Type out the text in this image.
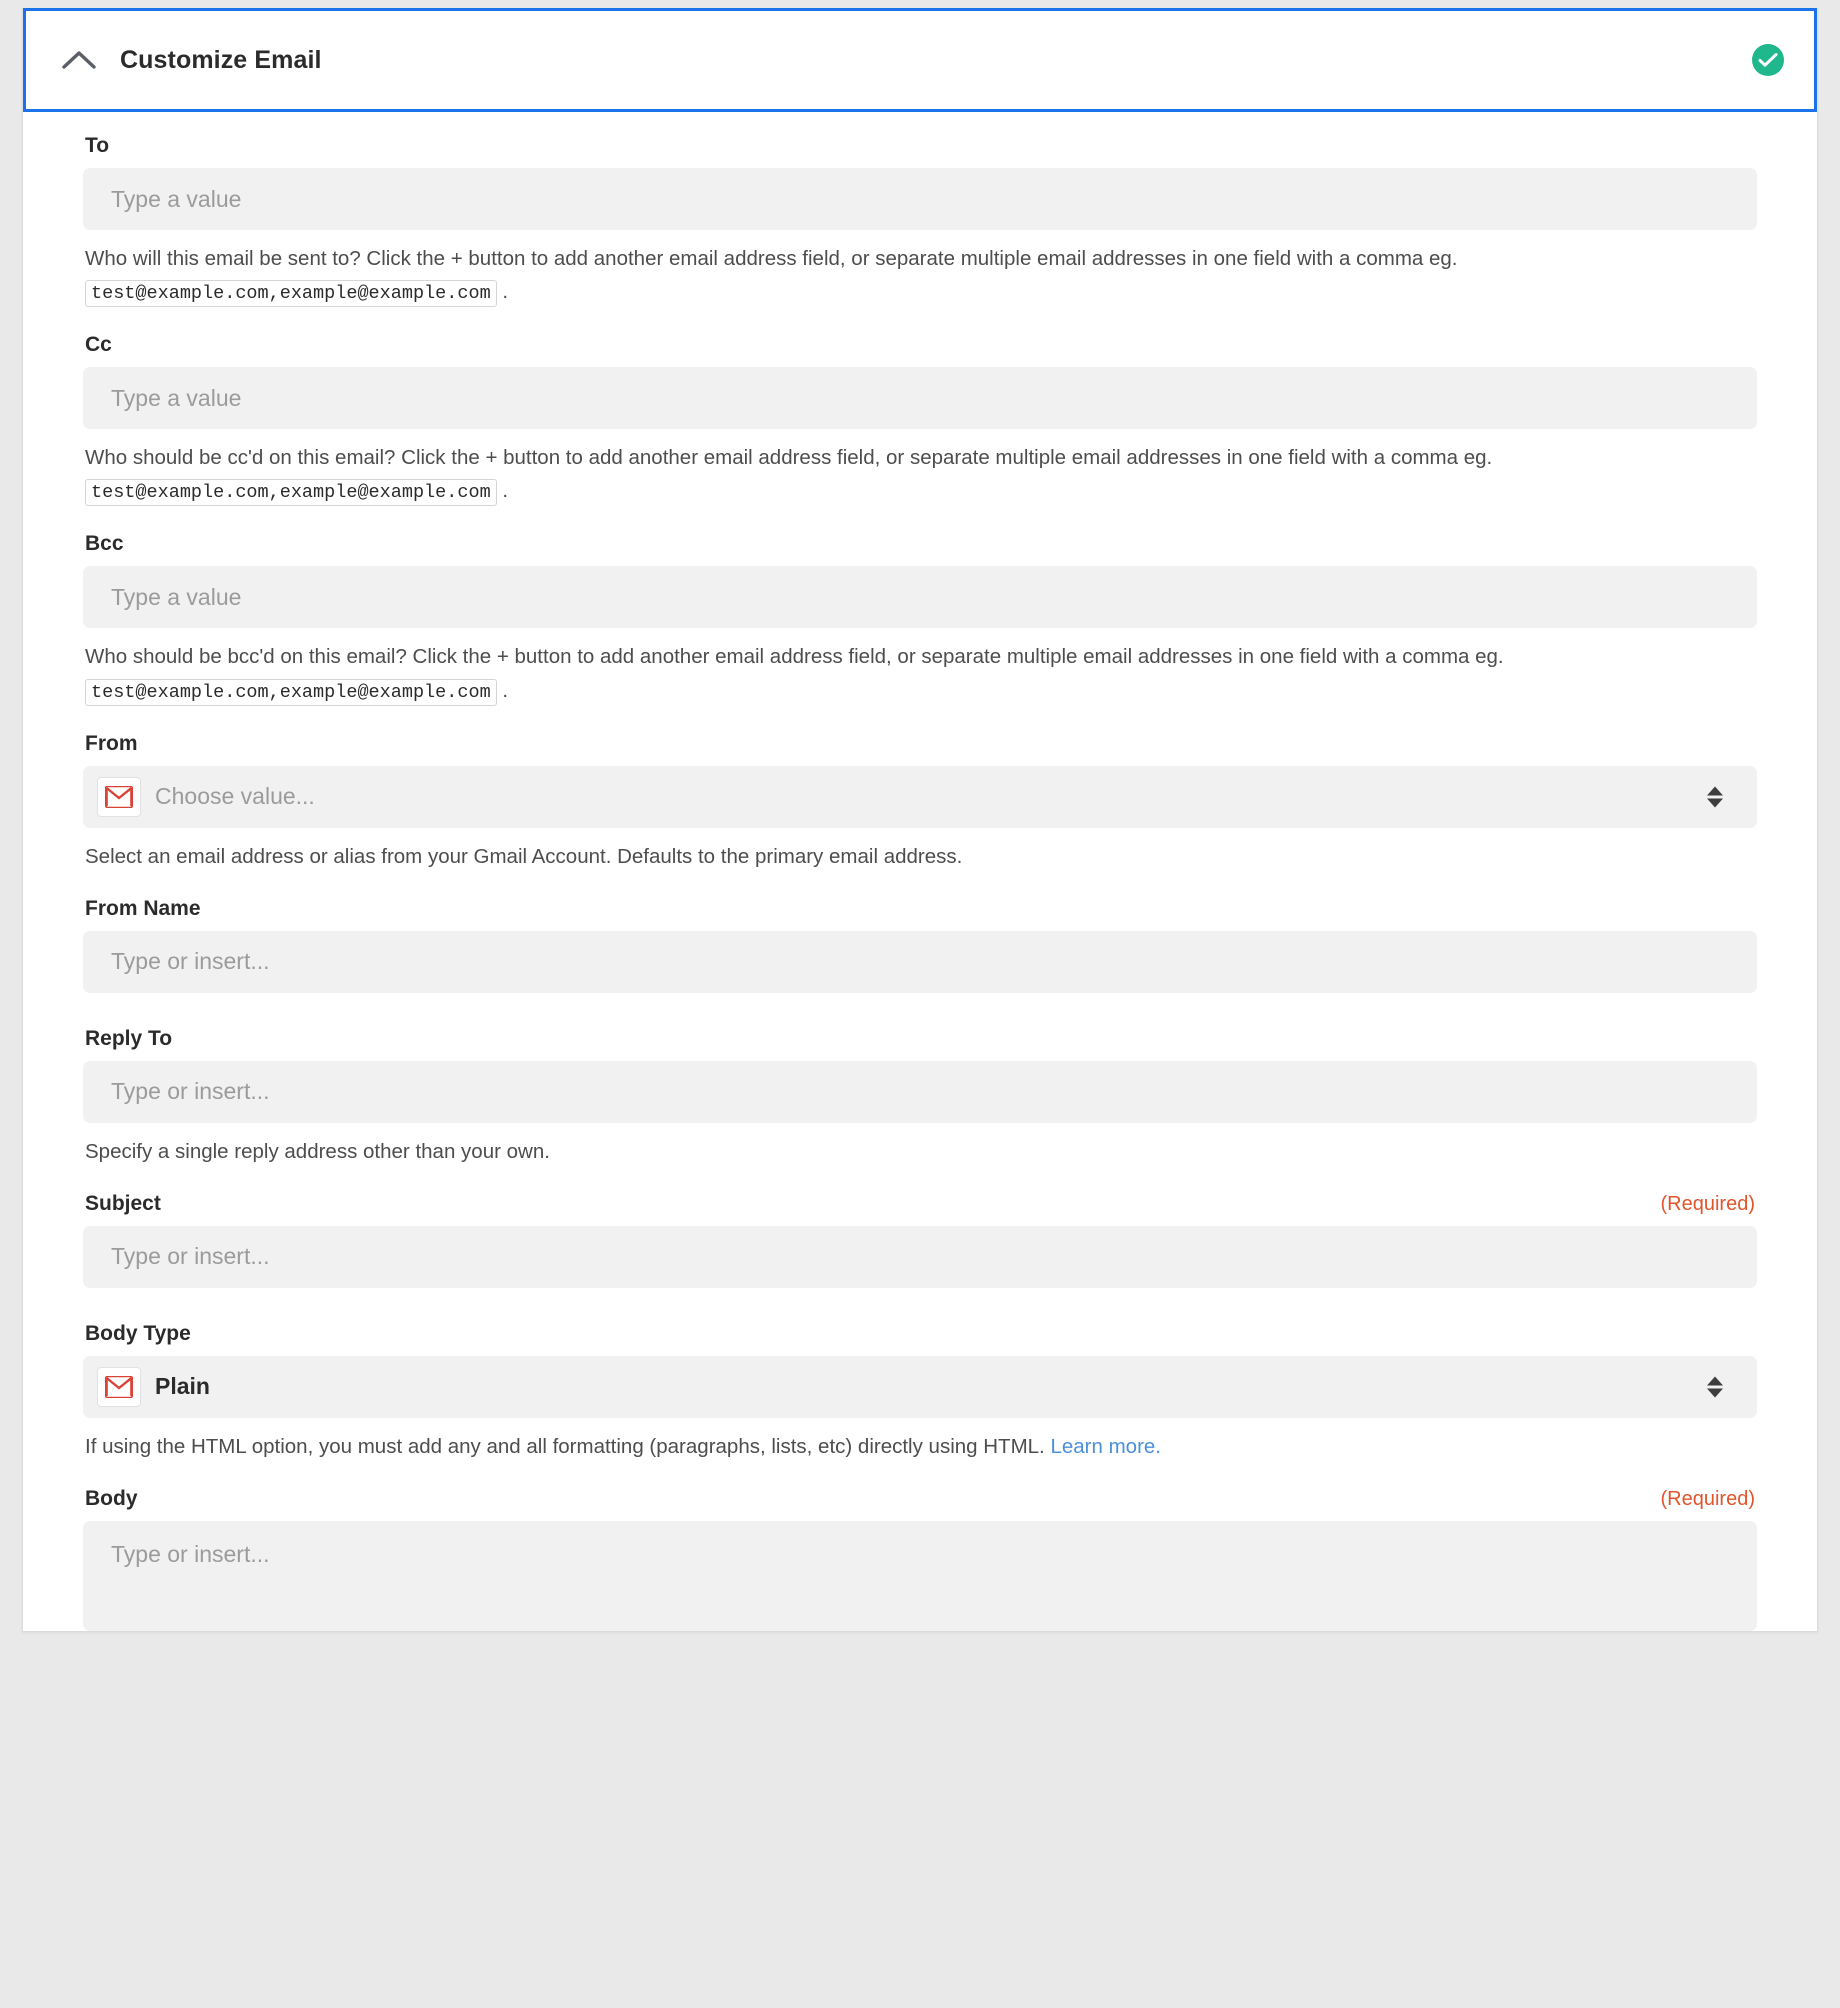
Customize Email
To
Type a value
Who will this email be sent to? Click the + button to add another email address field, or separate multiple email addresses in one field with a comma eg. test@example.com,example@example.com .
Cc
Type a value
Who should be cc'd on this email? Click the + button to add another email address field, or separate multiple email addresses in one field with a comma eg. test@example.com,example@example.com .
Bcc
Type a value
Who should be bcc'd on this email? Click the + button to add another email address field, or separate multiple email addresses in one field with a comma eg. test@example.com,example@example.com .
From
Choose value...
Select an email address or alias from your Gmail Account. Defaults to the primary email address.
From Name
Type or insert...
Reply To
Type or insert...
Specify a single reply address other than your own.
Subject	(Required)
Type or insert...
Body Type
Plain
If using the HTML option, you must add any and all formatting (paragraphs, lists, etc) directly using HTML. Learn more.
Body	(Required)
Type or insert...
